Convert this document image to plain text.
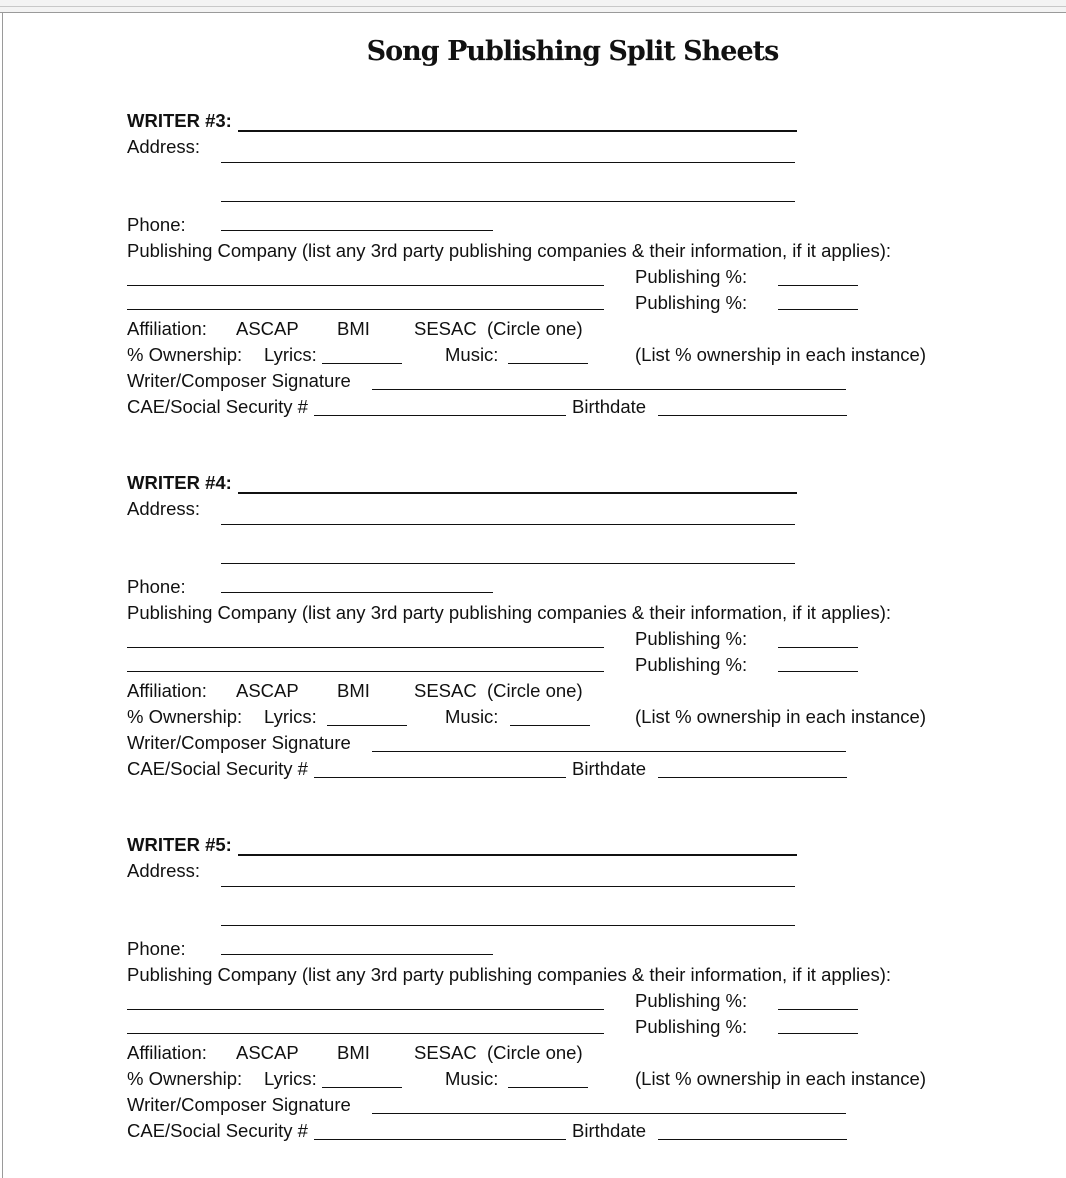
Song Publishing Split Sheets
WRITER #3:
Address:
Phone:
Publishing Company (list any 3rd party publishing companies & their information, if it applies):
Publishing %:
Publishing %:
Affiliation: ASCAP BMI SESAC (Circle one)
% Ownership: Lyrics:	Music:	(List % ownership in each instance)
Writer/Composer Signature
CAE/Social Security #	Birthdate
WRITER #4:
Address:
Phone:
Publishing Company (list any 3rd party publishing companies & their information, if it applies):
Publishing %:
Publishing %:
Affiliation: ASCAP BMI SESAC (Circle one)
% Ownership: Lyrics:	Music:	(List % ownership in each instance)
Writer/Composer Signature
CAE/Social Security #	Birthdate
WRITER #5:
Address:
Phone:
Publishing Company (list any 3rd party publishing companies & their information, if it applies):
Publishing %:
Publishing %:
Affiliation: ASCAP BMI SESAC (Circle one)
% Ownership: Lyrics:	Music:	(List % ownership in each instance)
Writer/Composer Signature
CAE/Social Security #	Birthdate
